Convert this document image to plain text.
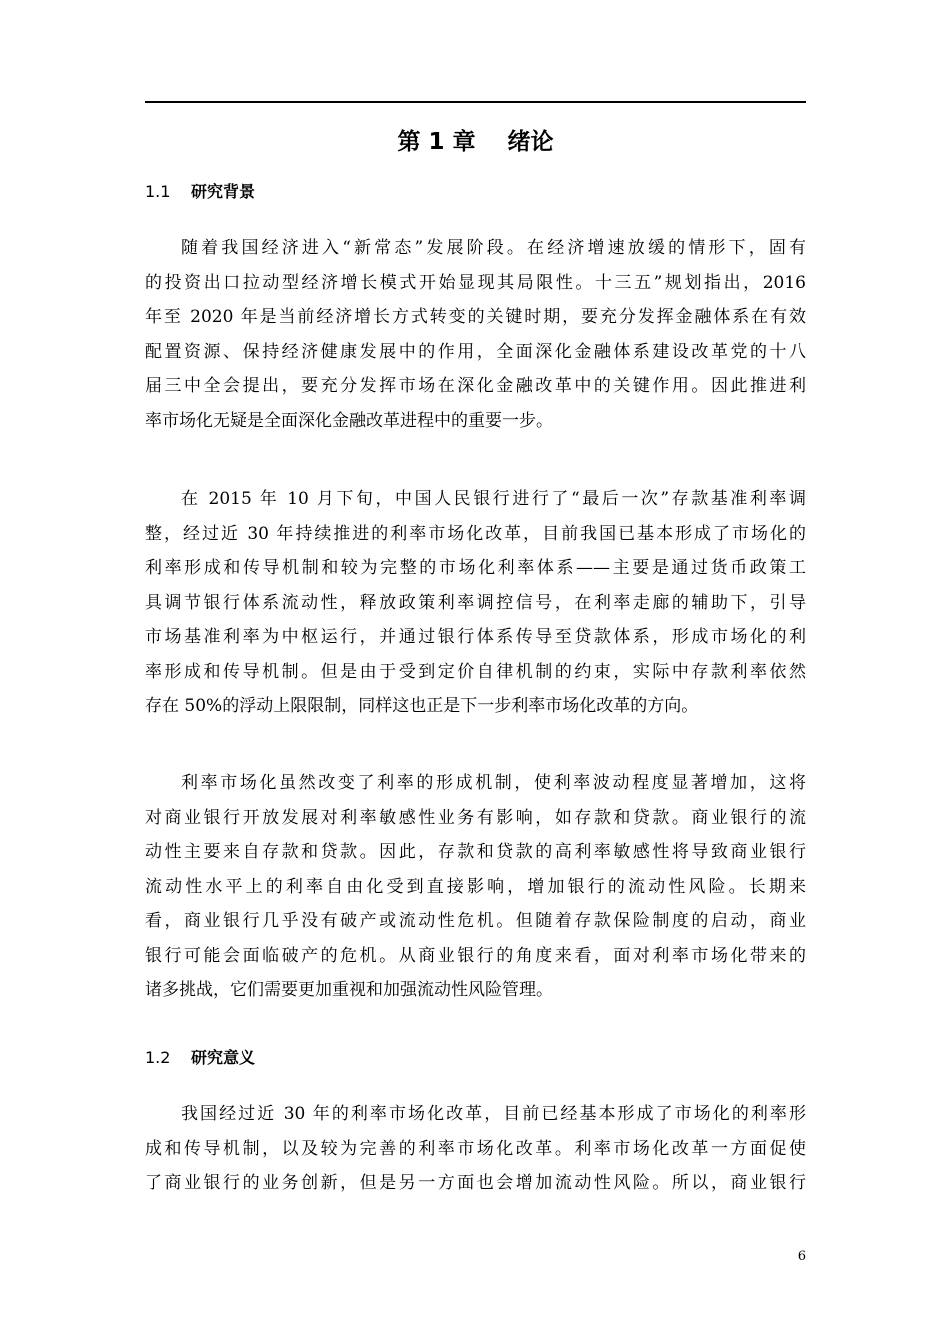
第 1 章    绪论
1.1 研究背景
随着我国经济进入“新常态”发展阶段。在经济增速放缓的情形下，固有
的投资出口拉动型经济增长模式开始显现其局限性。十三五”规划指出，2016
年至 2020 年是当前经济增长方式转变的关键时期，要充分发挥金融体系在有效
配置资源、保持经济健康发展中的作用，全面深化金融体系建设改革党的十八
届三中全会提出，要充分发挥市场在深化金融改革中的关键作用。因此推进利
率市场化无疑是全面深化金融改革进程中的重要一步。
在 2015 年 10 月下旬，中国人民银行进行了“最后一次”存款基准利率调
整，经过近 30 年持续推进的利率市场化改革，目前我国已基本形成了市场化的
利率形成和传导机制和较为完整的市场化利率体系——主要是通过货币政策工
具调节银行体系流动性，释放政策利率调控信号，在利率走廊的辅助下，引导
市场基准利率为中枢运行，并通过银行体系传导至贷款体系，形成市场化的利
率形成和传导机制。但是由于受到定价自律机制的约束，实际中存款利率依然
存在 50%的浮动上限限制，同样这也正是下一步利率市场化改革的方向。
利率市场化虽然改变了利率的形成机制，使利率波动程度显著增加，这将
对商业银行开放发展对利率敏感性业务有影响，如存款和贷款。商业银行的流
动性主要来自存款和贷款。因此，存款和贷款的高利率敏感性将导致商业银行
流动性水平上的利率自由化受到直接影响，增加银行的流动性风险。长期来
看，商业银行几乎没有破产或流动性危机。但随着存款保险制度的启动，商业
银行可能会面临破产的危机。从商业银行的角度来看，面对利率市场化带来的
诸多挑战，它们需要更加重视和加强流动性风险管理。
1.2 研究意义
我国经过近 30 年的利率市场化改革，目前已经基本形成了市场化的利率形
成和传导机制，以及较为完善的利率市场化改革。利率市场化改革一方面促使
了商业银行的业务创新，但是另一方面也会增加流动性风险。所以，商业银行
6
